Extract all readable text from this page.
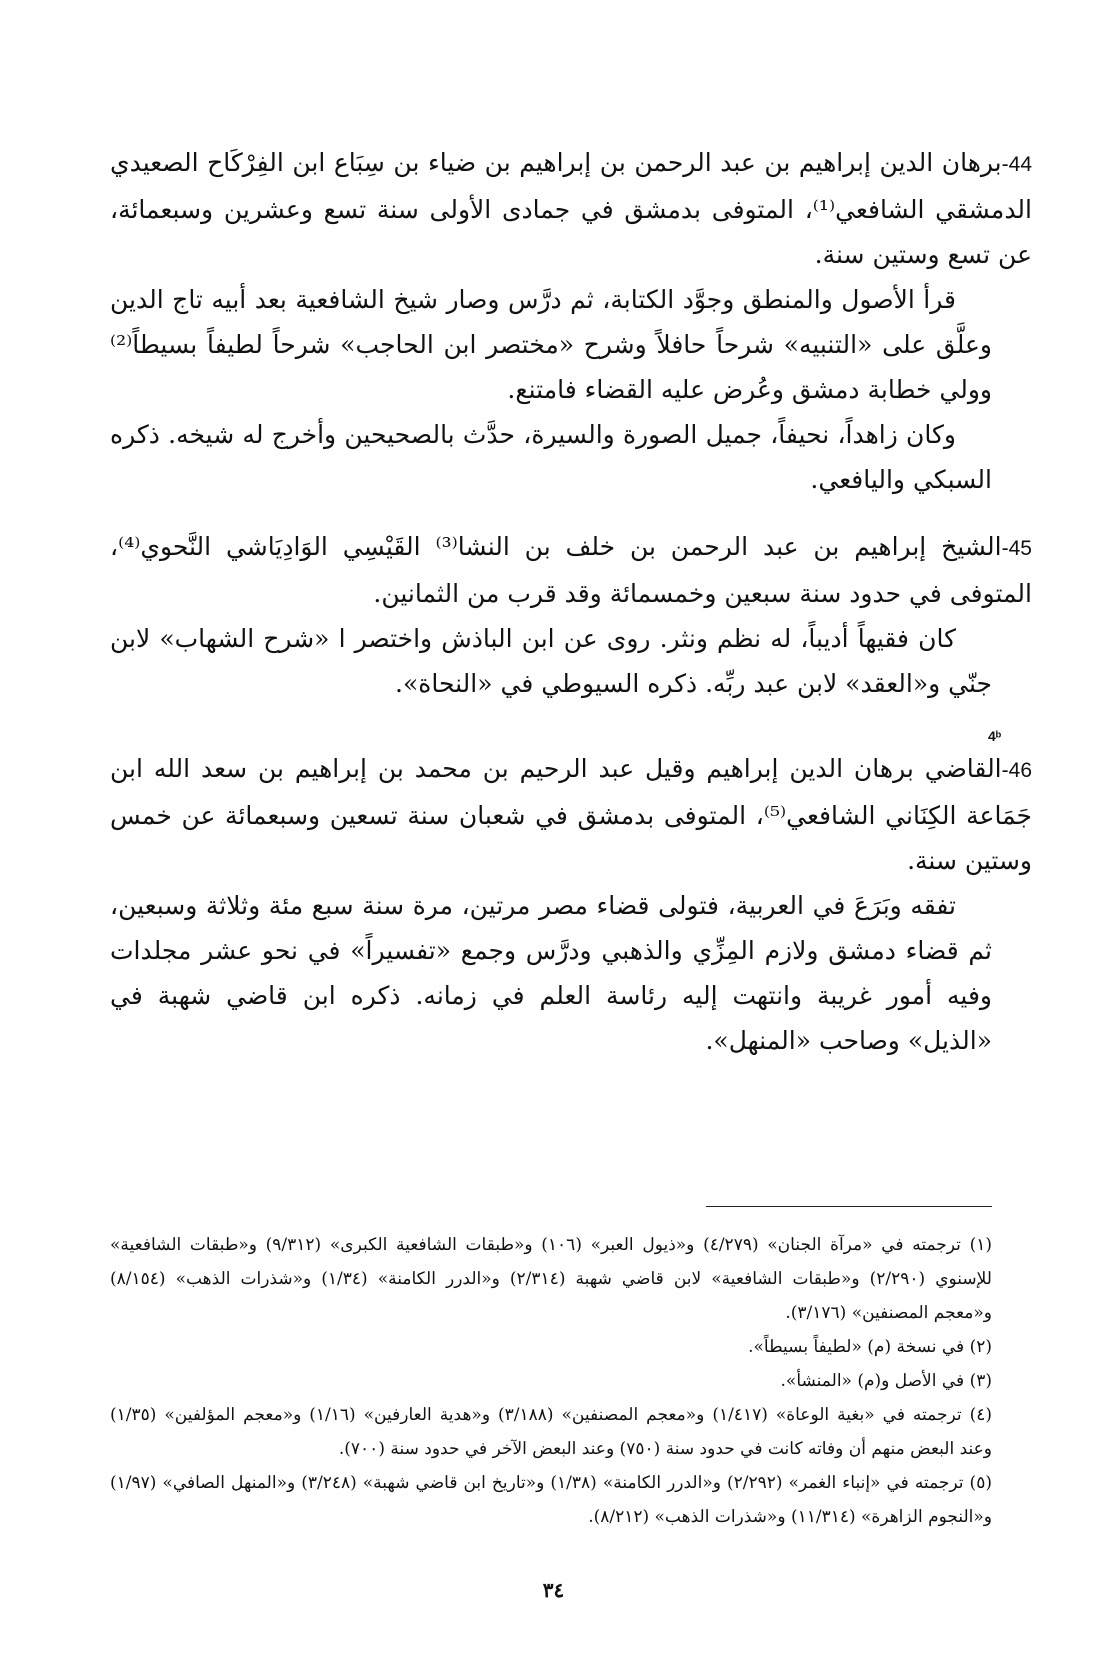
44-برهان الدين إبراهيم بن عبد الرحمن بن إبراهيم بن ضياء بن سِبَاع ابن الفِرْكَاح الصعيدي الدمشقي الشافعي⁽¹⁾، المتوفى بدمشق في جمادى الأولى سنة تسع وعشرين وسبعمائة، عن تسع وستين سنة.

قرأ الأصول والمنطق وجوَّد الكتابة، ثم درَّس وصار شيخ الشافعية بعد أبيه تاج الدين وعلَّق على «التنبيه» شرحاً حافلاً وشرح «مختصر ابن الحاجب» شرحاً لطيفاً بسيطاً⁽²⁾ وولي خطابة دمشق وعُرض عليه القضاء فامتنع.

وكان زاهداً، نحيفاً، جميل الصورة والسيرة، حدَّث بالصحيحين وأخرج له شيخه. ذكره السبكي واليافعي.

45-الشيخ إبراهيم بن عبد الرحمن بن خلف بن النشا⁽³⁾ القَيْسِي الوَادِيَاشي النَّحوي⁽⁴⁾، المتوفى في حدود سنة سبعين وخمسمائة وقد قرب من الثمانين.

كان فقيهاً أديباً، له نظم ونثر. روى عن ابن الباذش واختصر ا «شرح الشهاب» لابن جنّي و«العقد» لابن عبد ربِّه. ذكره السيوطي في «النحاة».

46-القاضي برهان الدين إبراهيم وقيل عبد الرحيم بن محمد بن إبراهيم بن سعد الله ابن جَمَاعة الكِنَاني الشافعي⁽⁵⁾، المتوفى بدمشق في شعبان سنة تسعين وسبعمائة عن خمس وستين سنة.

تفقه وبَرَعَ في العربية، فتولى قضاء مصر مرتين، مرة سنة سبع مئة وثلاثة وسبعين، ثم قضاء دمشق ولازم المِزِّي والذهبي ودرَّس وجمع «تفسيراً» في نحو عشر مجلدات وفيه أمور غريبة وانتهت إليه رئاسة العلم في زمانه. ذكره ابن قاضي شهبة في «الذيل» وصاحب «المنهل».

4ᵇ

(١) ترجمته في «مرآة الجنان» (٤/٢٧٩) و«ذيول العبر» (١٠٦) و«طبقات الشافعية الكبرى» (٩/٣١٢) و«طبقات الشافعية» للإسنوي (٢/٢٩٠) و«طبقات الشافعية» لابن قاضي شهبة (٢/٣١٤) و«الدرر الكامنة» (١/٣٤) و«شذرات الذهب» (٨/١٥٤) و«معجم المصنفين» (٣/١٧٦).

(٢) في نسخة (م) «لطيفاً بسيطاً».

(٣) في الأصل و(م) «المنشأ».

(٤) ترجمته في «بغية الوعاة» (١/٤١٧) و«معجم المصنفين» (٣/١٨٨) و«هدية العارفين» (١/١٦) و«معجم المؤلفين» (١/٣٥) وعند البعض منهم أن وفاته كانت في حدود سنة (٧٥٠) وعند البعض الآخر في حدود سنة (٧٠٠).

(٥) ترجمته في «إنباء الغمر» (٢/٢٩٢) و«الدرر الكامنة» (١/٣٨) و«تاريخ ابن قاضي شهبة» (٣/٢٤٨) و«المنهل الصافي» (١/٩٧) و«النجوم الزاهرة» (١١/٣١٤) و«شذرات الذهب» (٨/٢١٢).

٣٤
